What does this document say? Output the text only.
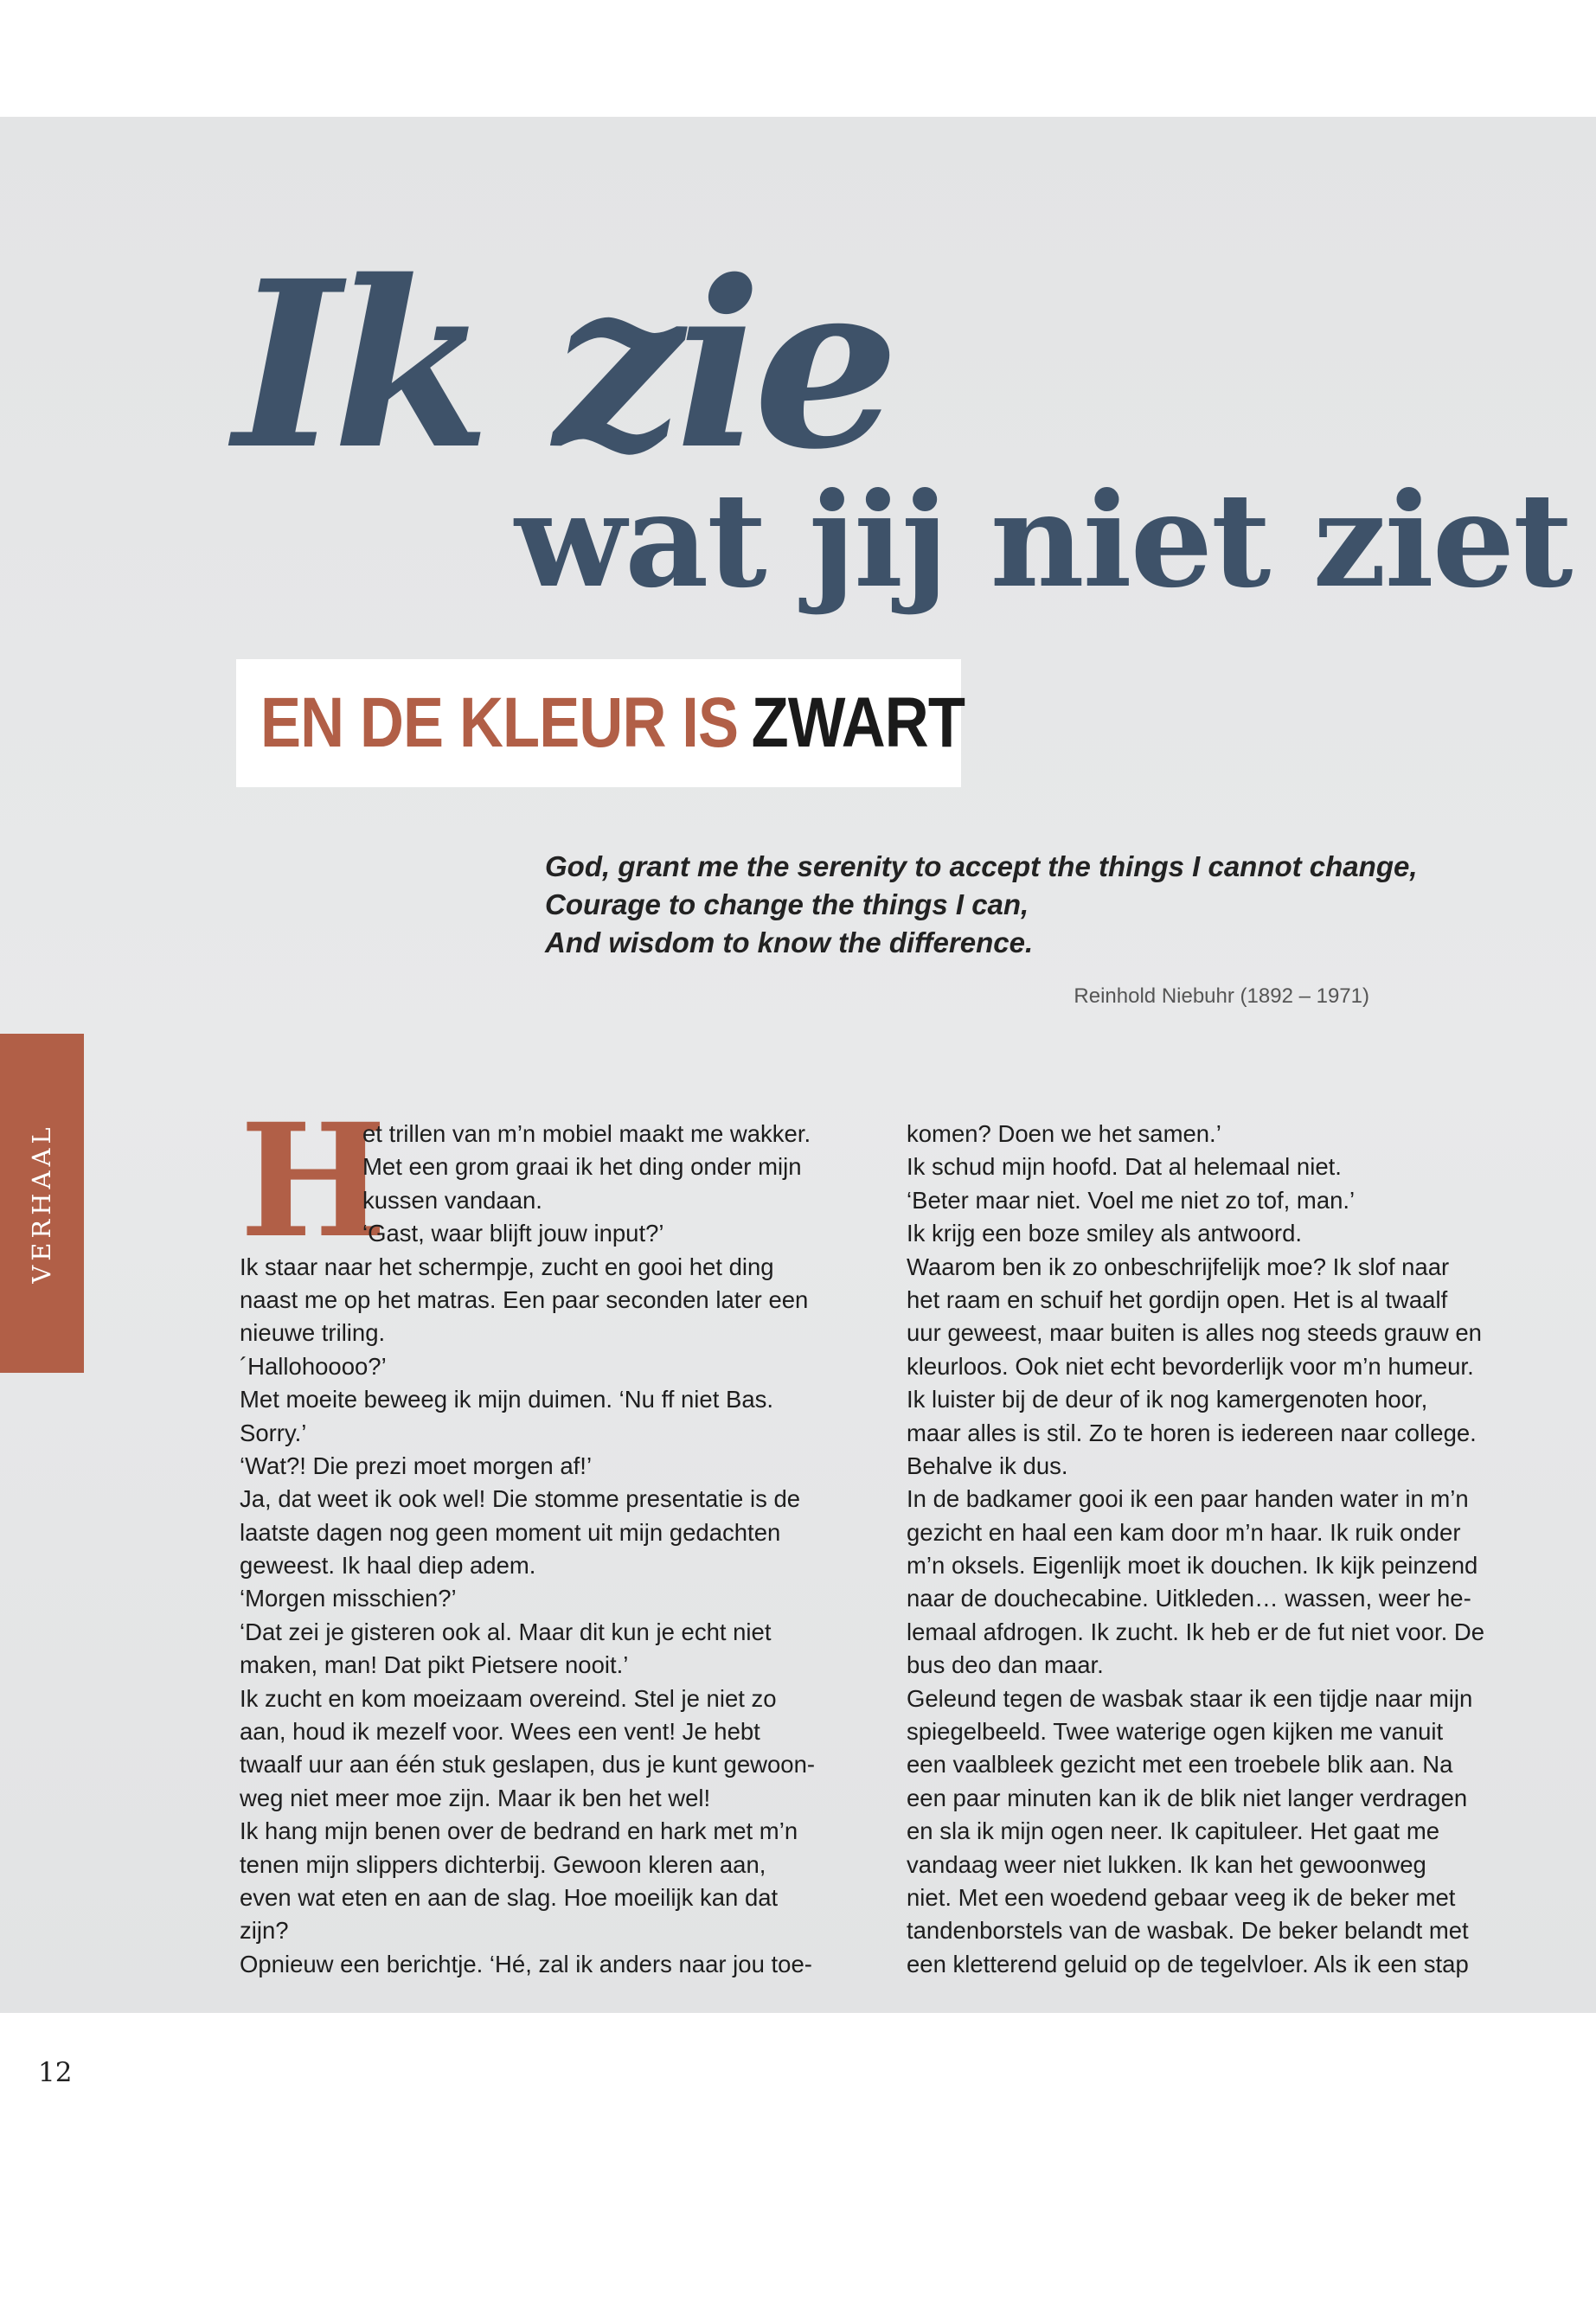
Ik zie
wat jij niet ziet
EN DE KLEUR IS ZWART
God, grant me the serenity to accept the things I cannot change,
Courage to change the things I can,
And wisdom to know the difference.
Reinhold Niebuhr (1892 – 1971)
VERHAAL H
et trillen van m’n mobiel maakt me wakker.
Met een grom graai ik het ding onder mijn
kussen vandaan.
‘Gast, waar blijft jouw input?’
Ik staar naar het schermpje, zucht en gooi het ding
naast me op het matras. Een paar seconden later een
nieuwe triling.
´Hallohoooo?’
Met moeite beweeg ik mijn duimen. ‘Nu ff niet Bas.
Sorry.’
‘Wat?! Die prezi moet morgen af!’
Ja, dat weet ik ook wel! Die stomme presentatie is de
laatste dagen nog geen moment uit mijn gedachten
geweest. Ik haal diep adem.
‘Morgen misschien?’
‘Dat zei je gisteren ook al. Maar dit kun je echt niet
maken, man! Dat pikt Pietsere nooit.’
Ik zucht en kom moeizaam overeind. Stel je niet zo
aan, houd ik mezelf voor. Wees een vent! Je hebt
twaalf uur aan één stuk geslapen, dus je kunt gewoon-
weg niet meer moe zijn. Maar ik ben het wel!
Ik hang mijn benen over de bedrand en hark met m’n
tenen mijn slippers dichterbij. Gewoon kleren aan,
even wat eten en aan de slag. Hoe moeilijk kan dat
zijn?
Opnieuw een berichtje. ‘Hé, zal ik anders naar jou toe-
komen? Doen we het samen.’
Ik schud mijn hoofd. Dat al helemaal niet.
‘Beter maar niet. Voel me niet zo tof, man.’
Ik krijg een boze smiley als antwoord.
Waarom ben ik zo onbeschrijfelijk moe? Ik slof naar
het raam en schuif het gordijn open. Het is al twaalf
uur geweest, maar buiten is alles nog steeds grauw en
kleurloos. Ook niet echt bevorderlijk voor m’n humeur.
Ik luister bij de deur of ik nog kamergenoten hoor,
maar alles is stil. Zo te horen is iedereen naar college.
Behalve ik dus.
In de badkamer gooi ik een paar handen water in m’n
gezicht en haal een kam door m’n haar. Ik ruik onder
m’n oksels. Eigenlijk moet ik douchen. Ik kijk peinzend
naar de douchecabine. Uitkleden… wassen, weer he-
lemaal afdrogen. Ik zucht. Ik heb er de fut niet voor. De
bus deo dan maar.
Geleund tegen de wasbak staar ik een tijdje naar mijn
spiegelbeeld. Twee waterige ogen kijken me vanuit
een vaalbleek gezicht met een troebele blik aan. Na
een paar minuten kan ik de blik niet langer verdragen
en sla ik mijn ogen neer. Ik capituleer. Het gaat me
vandaag weer niet lukken. Ik kan het gewoonweg
niet. Met een woedend gebaar veeg ik de beker met
tandenborstels van de wasbak. De beker belandt met
een kletterend geluid op de tegelvloer. Als ik een stap
12
